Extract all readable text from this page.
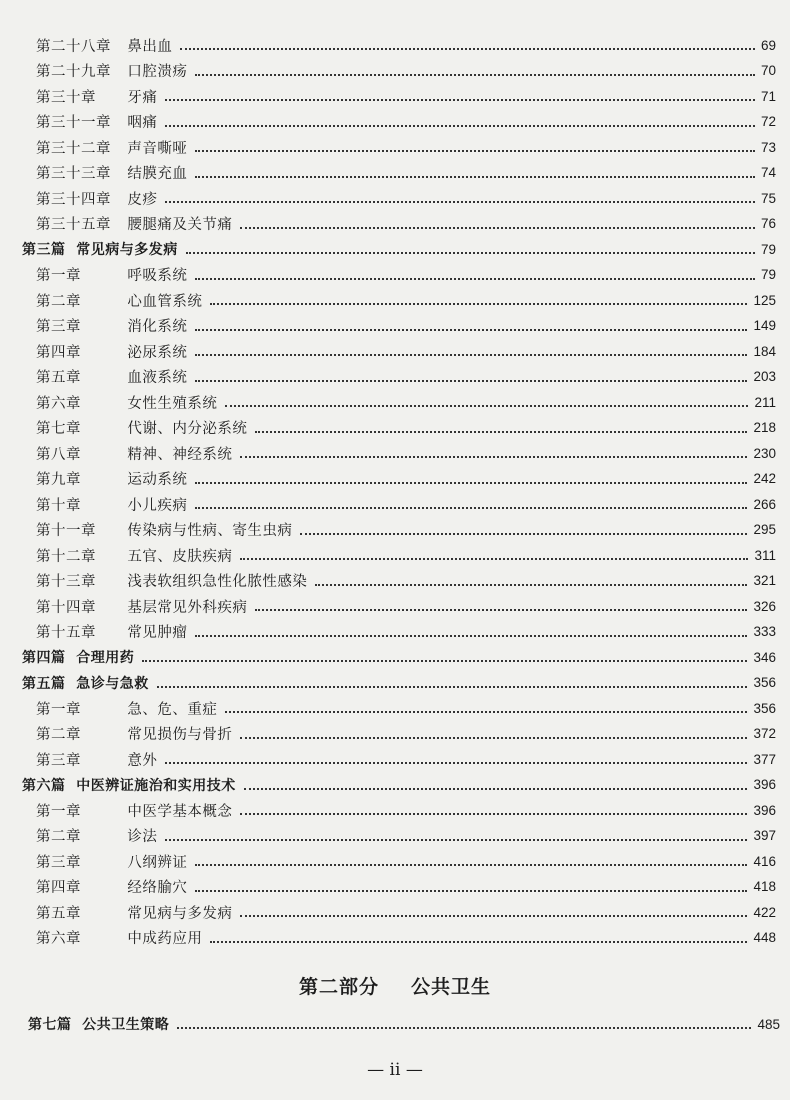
第二十八章 鼻出血	69
第二十九章 口腔溃疡	70
第三十章 牙痛	71
第三十一章 咽痛	72
第三十二章 声音嘶哑	73
第三十三章 结膜充血	74
第三十四章 皮疹	75
第三十五章 腰腿痛及关节痛	76
第三篇 常见病与多发病	79
第一章	呼吸系统	79
第二章	心血管系统	125
第三章	消化系统	149
第四章	泌尿系统	184
第五章	血液系统	203
第六章	女性生殖系统	211
第七章	代谢、内分泌系统	218
第八章	精神、神经系统	230
第九章	运动系统	242
第十章	小儿疾病	266
第十一章 传染病与性病、寄生虫病	295
第十二章 五官、皮肤疾病	311
第十三章 浅表软组织急性化脓性感染	321
第十四章 基层常见外科疾病	326
第十五章 常见肿瘤	333
第四篇 合理用药	346
第五篇 急诊与急救	356
第一章	急、危、重症	356
第二章	常见损伤与骨折	372
第三章	意外	377
第六篇 中医辨证施治和实用技术	396
第一章	中医学基本概念	396
第二章	诊法	397
第三章	八纲辨证	416
第四章	经络腧穴	418
第五章	常见病与多发病	422
第六章	中成药应用	448
第二部分 公共卫生
第七篇 公共卫生策略	485
— ii —
